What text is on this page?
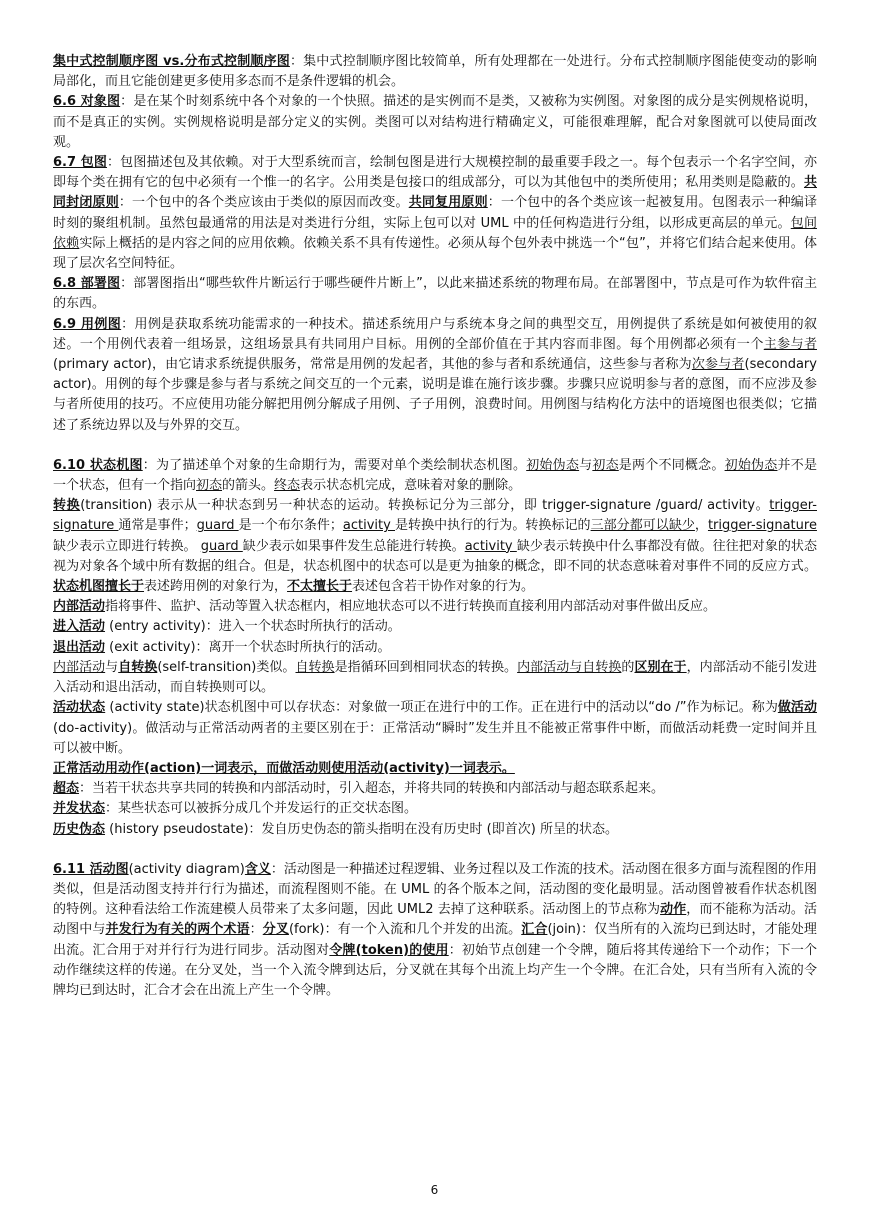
集中式控制顺序图 vs.分布式控制顺序图：集中式控制顺序图比较简单，所有处理都在一处进行。分布式控制顺序图能使变动的影响局部化，而且它能创建更多使用多态而不是条件逻辑的机会。

6.6 对象图：是在某个时刻系统中各个对象的一个快照。描述的是实例而不是类，又被称为实例图。对象图的成分是实例规格说明，而不是真正的实例。实例规格说明是部分定义的实例。类图可以对结构进行精确定义，可能很难理解，配合对象图就可以使局面改观。

6.7 包图：包图描述包及其依赖。对于大型系统而言，绘制包图是进行大规模控制的最重要手段之一。每个包表示一个名字空间，亦即每个类在拥有它的包中必须有一个惟一的名字。公用类是包接口的组成部分，可以为其他包中的类所使用；私用类则是隐蔽的。共同封闭原则：一个包中的各个类应该由于类似的原因而改变。共同复用原则：一个包中的各个类应该一起被复用。包图表示一种编译时刻的聚组机制。虽然包最通常的用法是对类进行分组，实际上包可以对 UML 中的任何构造进行分组，以形成更高层的单元。包间依赖实际上概括的是内容之间的应用依赖。依赖关系不具有传递性。必须从每个包外表中挑选一个“包”，并将它们结合起来使用。体现了层次名空间特征。

6.8 部署图：部署图指出“哪些软件片断运行于哪些硬件片断上”，以此来描述系统的物理布局。在部署图中，节点是可作为软件宿主的东西。

6.9 用例图：用例是获取系统功能需求的一种技术。描述系统用户与系统本身之间的典型交互，用例提供了系统是如何被使用的叙述。一个用例代表着一组场景，这组场景具有共同用户目标。用例的全部价值在于其内容而非图。每个用例都必须有一个主参与者(primary actor)，由它请求系统提供服务，常常是用例的发起者，其他的参与者和系统通信，这些参与者称为次参与者(secondary actor)。用例的每个步骤是参与者与系统之间交互的一个元素，说明是谁在施行该步骤。步骤只应说明参与者的意图，而不应涉及参与者所使用的技巧。不应使用功能分解把用例分解成子用例、子子用例，浪费时间。用例图与结构化方法中的语境图也很类似；它描述了系统边界以及与外界的交互。

6.10 状态机图：为了描述单个对象的生命期行为，需要对单个类绘制状态机图。初始伪态与初态是两个不同概念。初始伪态并不是一个状态，但有一个指向初态的箭头。终态表示状态机完成，意味着对象的删除。

转换(transition) 表示从一种状态到另一种状态的运动。转换标记分为三部分，即 trigger-signature /guard/ activity。trigger-signature 通常是事件；guard 是一个布尔条件；activity 是转换中执行的行为。转换标记的三部分都可以缺少，trigger-signature 缺少表示立即进行转换。 guard 缺少表示如果事件发生总能进行转换。activity 缺少表示转换中什么事都没有做。往往把对象的状态视为对象各个域中所有数据的组合。但是，状态机图中的状态可以是更为抽象的概念，即不同的状态意味着对事件不同的反应方式。状态机图擅长于表述跨用例的对象行为，不太擅长于表述包含若干协作对象的行为。

内部活动指将事件、监护、活动等置入状态框内，相应地状态可以不进行转换而直接利用内部活动对事件做出反应。

进入活动 (entry activity)：进入一个状态时所执行的活动。

退出活动 (exit activity)：离开一个状态时所执行的活动。

内部活动与自转换(self-transition)类似。自转换是指循环回到相同状态的转换。内部活动与自转换的区别在于，内部活动不能引发进入活动和退出活动，而自转换则可以。

活动状态 (activity state)状态机图中可以存状态：对象做一项正在进行中的工作。正在进行中的活动以“do /”作为标记。称为做活动 (do-activity)。做活动与正常活动两者的主要区别在于：正常活动“瞬时”发生并且不能被正常事件中断，而做活动耗费一定时间并且可以被中断。

正常活动用动作(action)一词表示，而做活动则使用活动(activity)一词表示。

超态：当若干状态共享共同的转换和内部活动时，引入超态，并将共同的转换和内部活动与超态联系起来。

并发状态：某些状态可以被拆分成几个并发运行的正交状态图。

历史伪态 (history pseudostate)：发自历史伪态的箭头指明在没有历史时 (即首次) 所呈的状态。

6.11 活动图(activity diagram)含义：活动图是一种描述过程逻辑、业务过程以及工作流的技术。活动图在很多方面与流程图的作用类似，但是活动图支持并行行为描述，而流程图则不能。在 UML 的各个版本之间，活动图的变化最明显。活动图曾被看作状态机图的特例。这种看法给工作流建模人员带来了太多问题，因此 UML2 去掉了这种联系。活动图上的节点称为动作，而不能称为活动。活动图中与并发行为有关的两个术语：分叉(fork)：有一个入流和几个并发的出流。汇合(join)：仅当所有的入流均已到达时，才能处理出流。汇合用于对并行行为进行同步。活动图对令牌(token)的使用：初始节点创建一个令牌，随后将其传递给下一个动作；下一个动作继续这样的传递。在分叉处，当一个入流令牌到达后，分叉就在其每个出流上均产生一个令牌。在汇合处，只有当所有入流的令牌均已到达时，汇合才会在出流上产生一个令牌。

6
